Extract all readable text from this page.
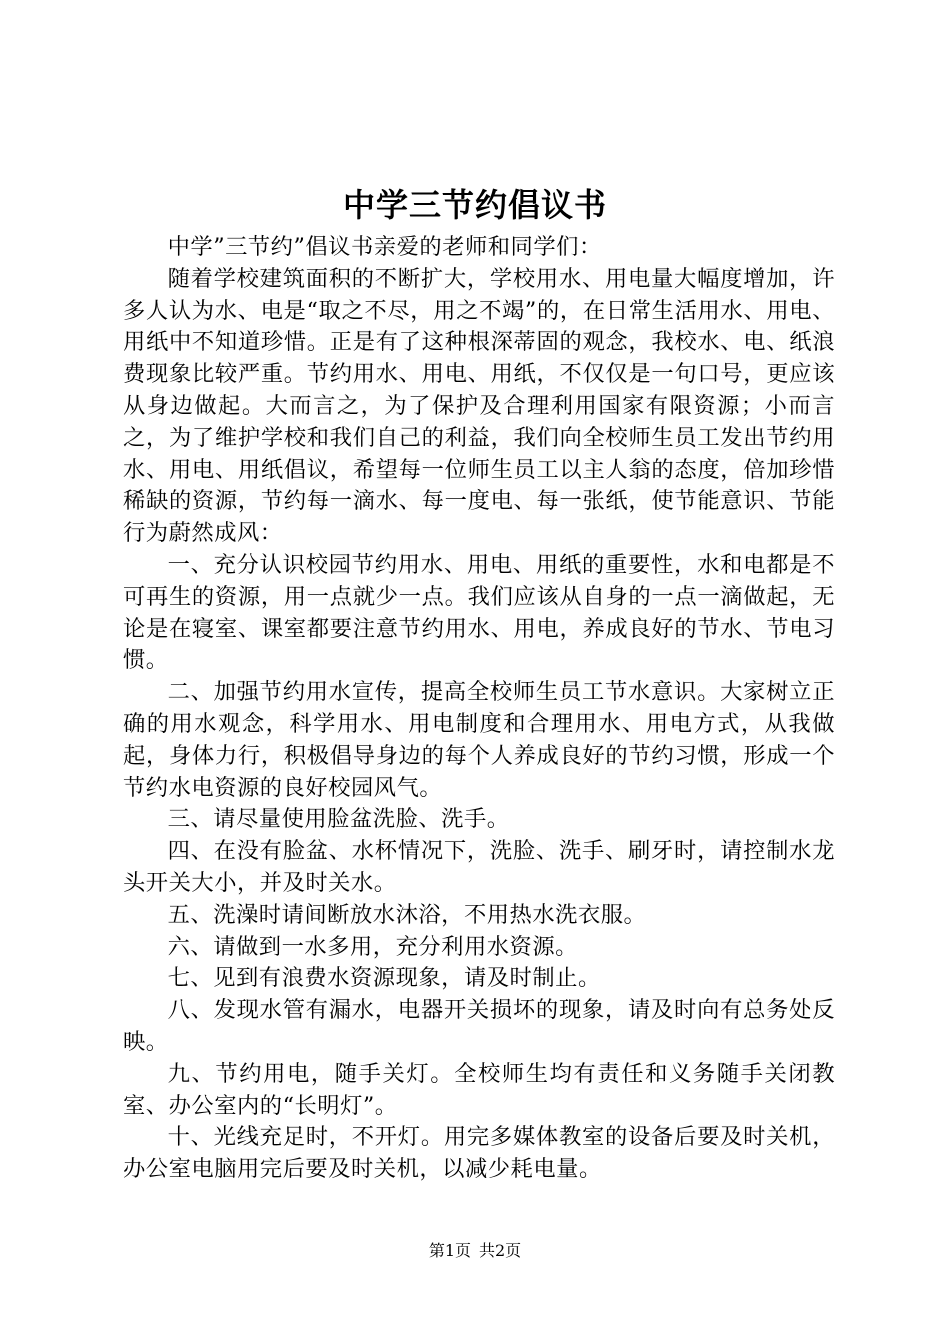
中学三节约倡议书

中学”三节约”倡议书亲爱的老师和同学们：

随着学校建筑面积的不断扩大，学校用水、用电量大幅度增加，许多人认为水、电是“取之不尽，用之不竭”的，在日常生活用水、用电、用纸中不知道珍惜。正是有了这种根深蒂固的观念，我校水、电、纸浪费现象比较严重。节约用水、用电、用纸，不仅仅是一句口号，更应该从身边做起。大而言之，为了保护及合理利用国家有限资源；小而言之，为了维护学校和我们自己的利益，我们向全校师生员工发出节约用水、用电、用纸倡议，希望每一位师生员工以主人翁的态度，倍加珍惜稀缺的资源，节约每一滴水、每一度电、每一张纸，使节能意识、节能行为蔚然成风：

一、充分认识校园节约用水、用电、用纸的重要性，水和电都是不可再生的资源，用一点就少一点。我们应该从自身的一点一滴做起，无论是在寝室、课室都要注意节约用水、用电，养成良好的节水、节电习惯。

二、加强节约用水宣传，提高全校师生员工节水意识。大家树立正确的用水观念，科学用水、用电制度和合理用水、用电方式，从我做起，身体力行，积极倡导身边的每个人养成良好的节约习惯，形成一个节约水电资源的良好校园风气。

三、请尽量使用脸盆洗脸、洗手。

四、在没有脸盆、水杯情况下，洗脸、洗手、刷牙时，请控制水龙头开关大小，并及时关水。

五、洗澡时请间断放水沐浴，不用热水洗衣服。

六、请做到一水多用，充分利用水资源。

七、见到有浪费水资源现象，请及时制止。

八、发现水管有漏水，电器开关损坏的现象，请及时向有总务处反映。

九、节约用电，随手关灯。全校师生均有责任和义务随手关闭教室、办公室内的“长明灯”。

十、光线充足时，不开灯。用完多媒体教室的设备后要及时关机，办公室电脑用完后要及时关机，以减少耗电量。

第1页 共2页
